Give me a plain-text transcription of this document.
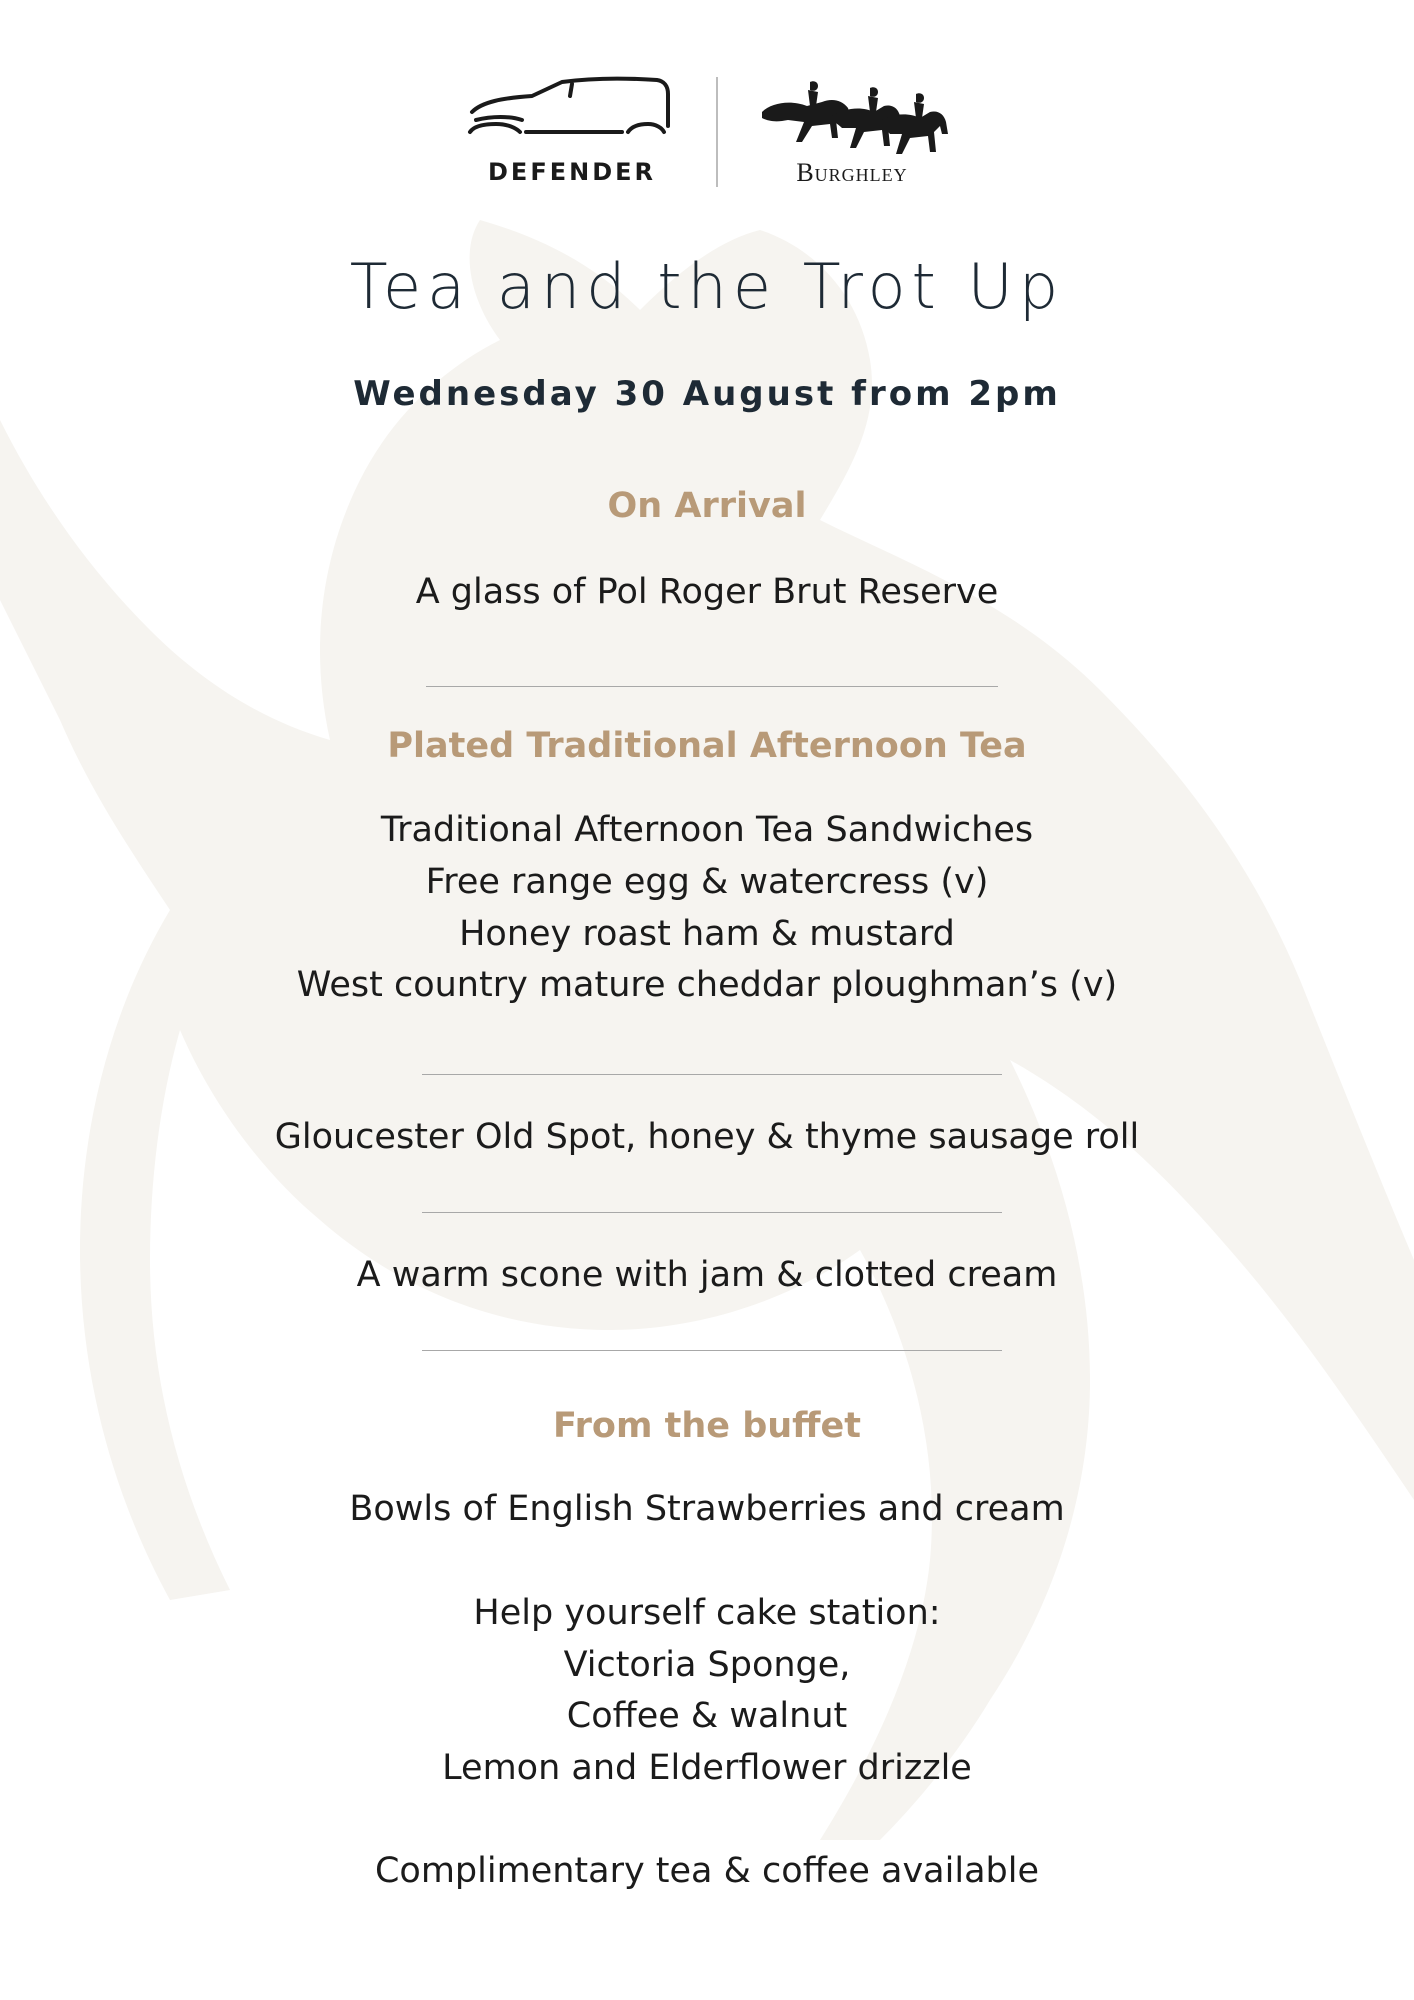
DEFENDER	Burghley
Tea and the Trot Up
Wednesday 30 August from 2pm
On Arrival
A glass of Pol Roger Brut Reserve
Plated Traditional Afternoon Tea
Traditional Afternoon Tea Sandwiches
Free range egg & watercress (v)
Honey roast ham & mustard
West country mature cheddar ploughman’s (v)
Gloucester Old Spot, honey & thyme sausage roll
A warm scone with jam & clotted cream
From the buffet
Bowls of English Strawberries and cream
Help yourself cake station:
Victoria Sponge,
Coffee & walnut
Lemon and Elderflower drizzle
Complimentary tea & coffee available
